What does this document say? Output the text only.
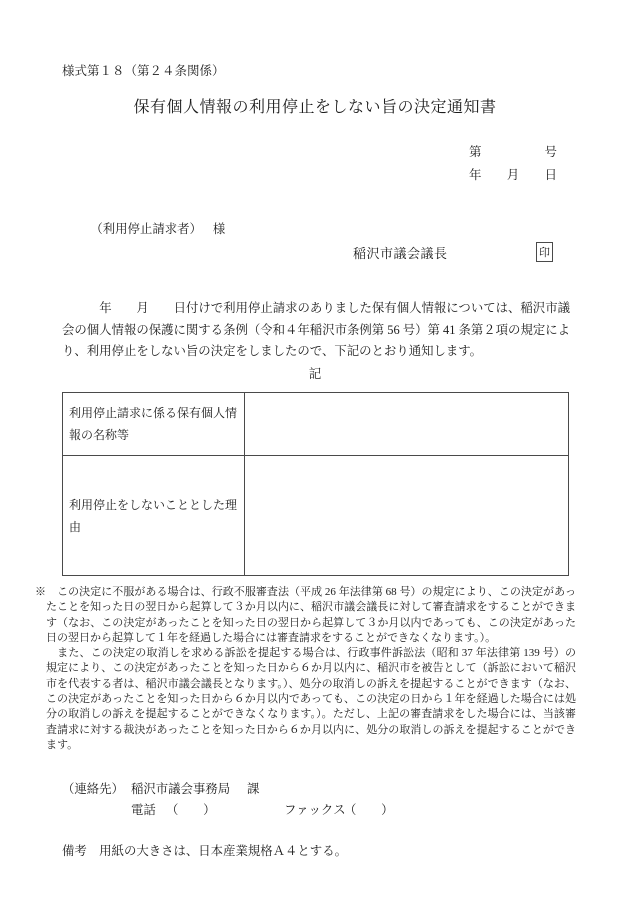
様式第１８（第２４条関係）
保有個人情報の利用停止をしない旨の決定通知書
第	号
年 月 日

（利用停止請求者） 様

稲沢市議会議長	印

　　　年　　月　　日付けで利用停止請求のありました保有個人情報については、稲沢市議会の個人情報の保護に関する条例（令和４年稲沢市条例第 56 号）第 41 条第２項の規定により、利用停止をしない旨の決定をしましたので、下記のとおり通知します。

記
利用停止請求に係る保有個人情報の名称等	
利用停止をしないこととした理由	

※　この決定に不服がある場合は、行政不服審査法（平成 26 年法律第 68 号）の規定により、この決定があったことを知った日の翌日から起算して３か月以内に、稲沢市議会議長に対して審査請求をすることができます（なお、この決定があったことを知った日の翌日から起算して３か月以内であっても、この決定があった日の翌日から起算して１年を経過した場合には審査請求をすることができなくなります。）。

　また、この決定の取消しを求める訴訟を提起する場合は、行政事件訴訟法（昭和 37 年法律第 139 号）の規定により、この決定があったことを知った日から６か月以内に、稲沢市を被告として（訴訟において稲沢市を代表する者は、稲沢市議会議長となります。）、処分の取消しの訴えを提起することができます（なお、この決定があったことを知った日から６か月以内であっても、この決定の日から１年を経過した場合には処分の取消しの訴えを提起することができなくなります。）。ただし、上記の審査請求をした場合には、当該審査請求に対する裁決があったことを知った日から６か月以内に、処分の取消しの訴えを提起することができます。

（連絡先） 稲沢市議会事務局 課
電話 （　　）	ファックス
（　　）
備考　用紙の大きさは、日本産業規格Ａ４とする。
